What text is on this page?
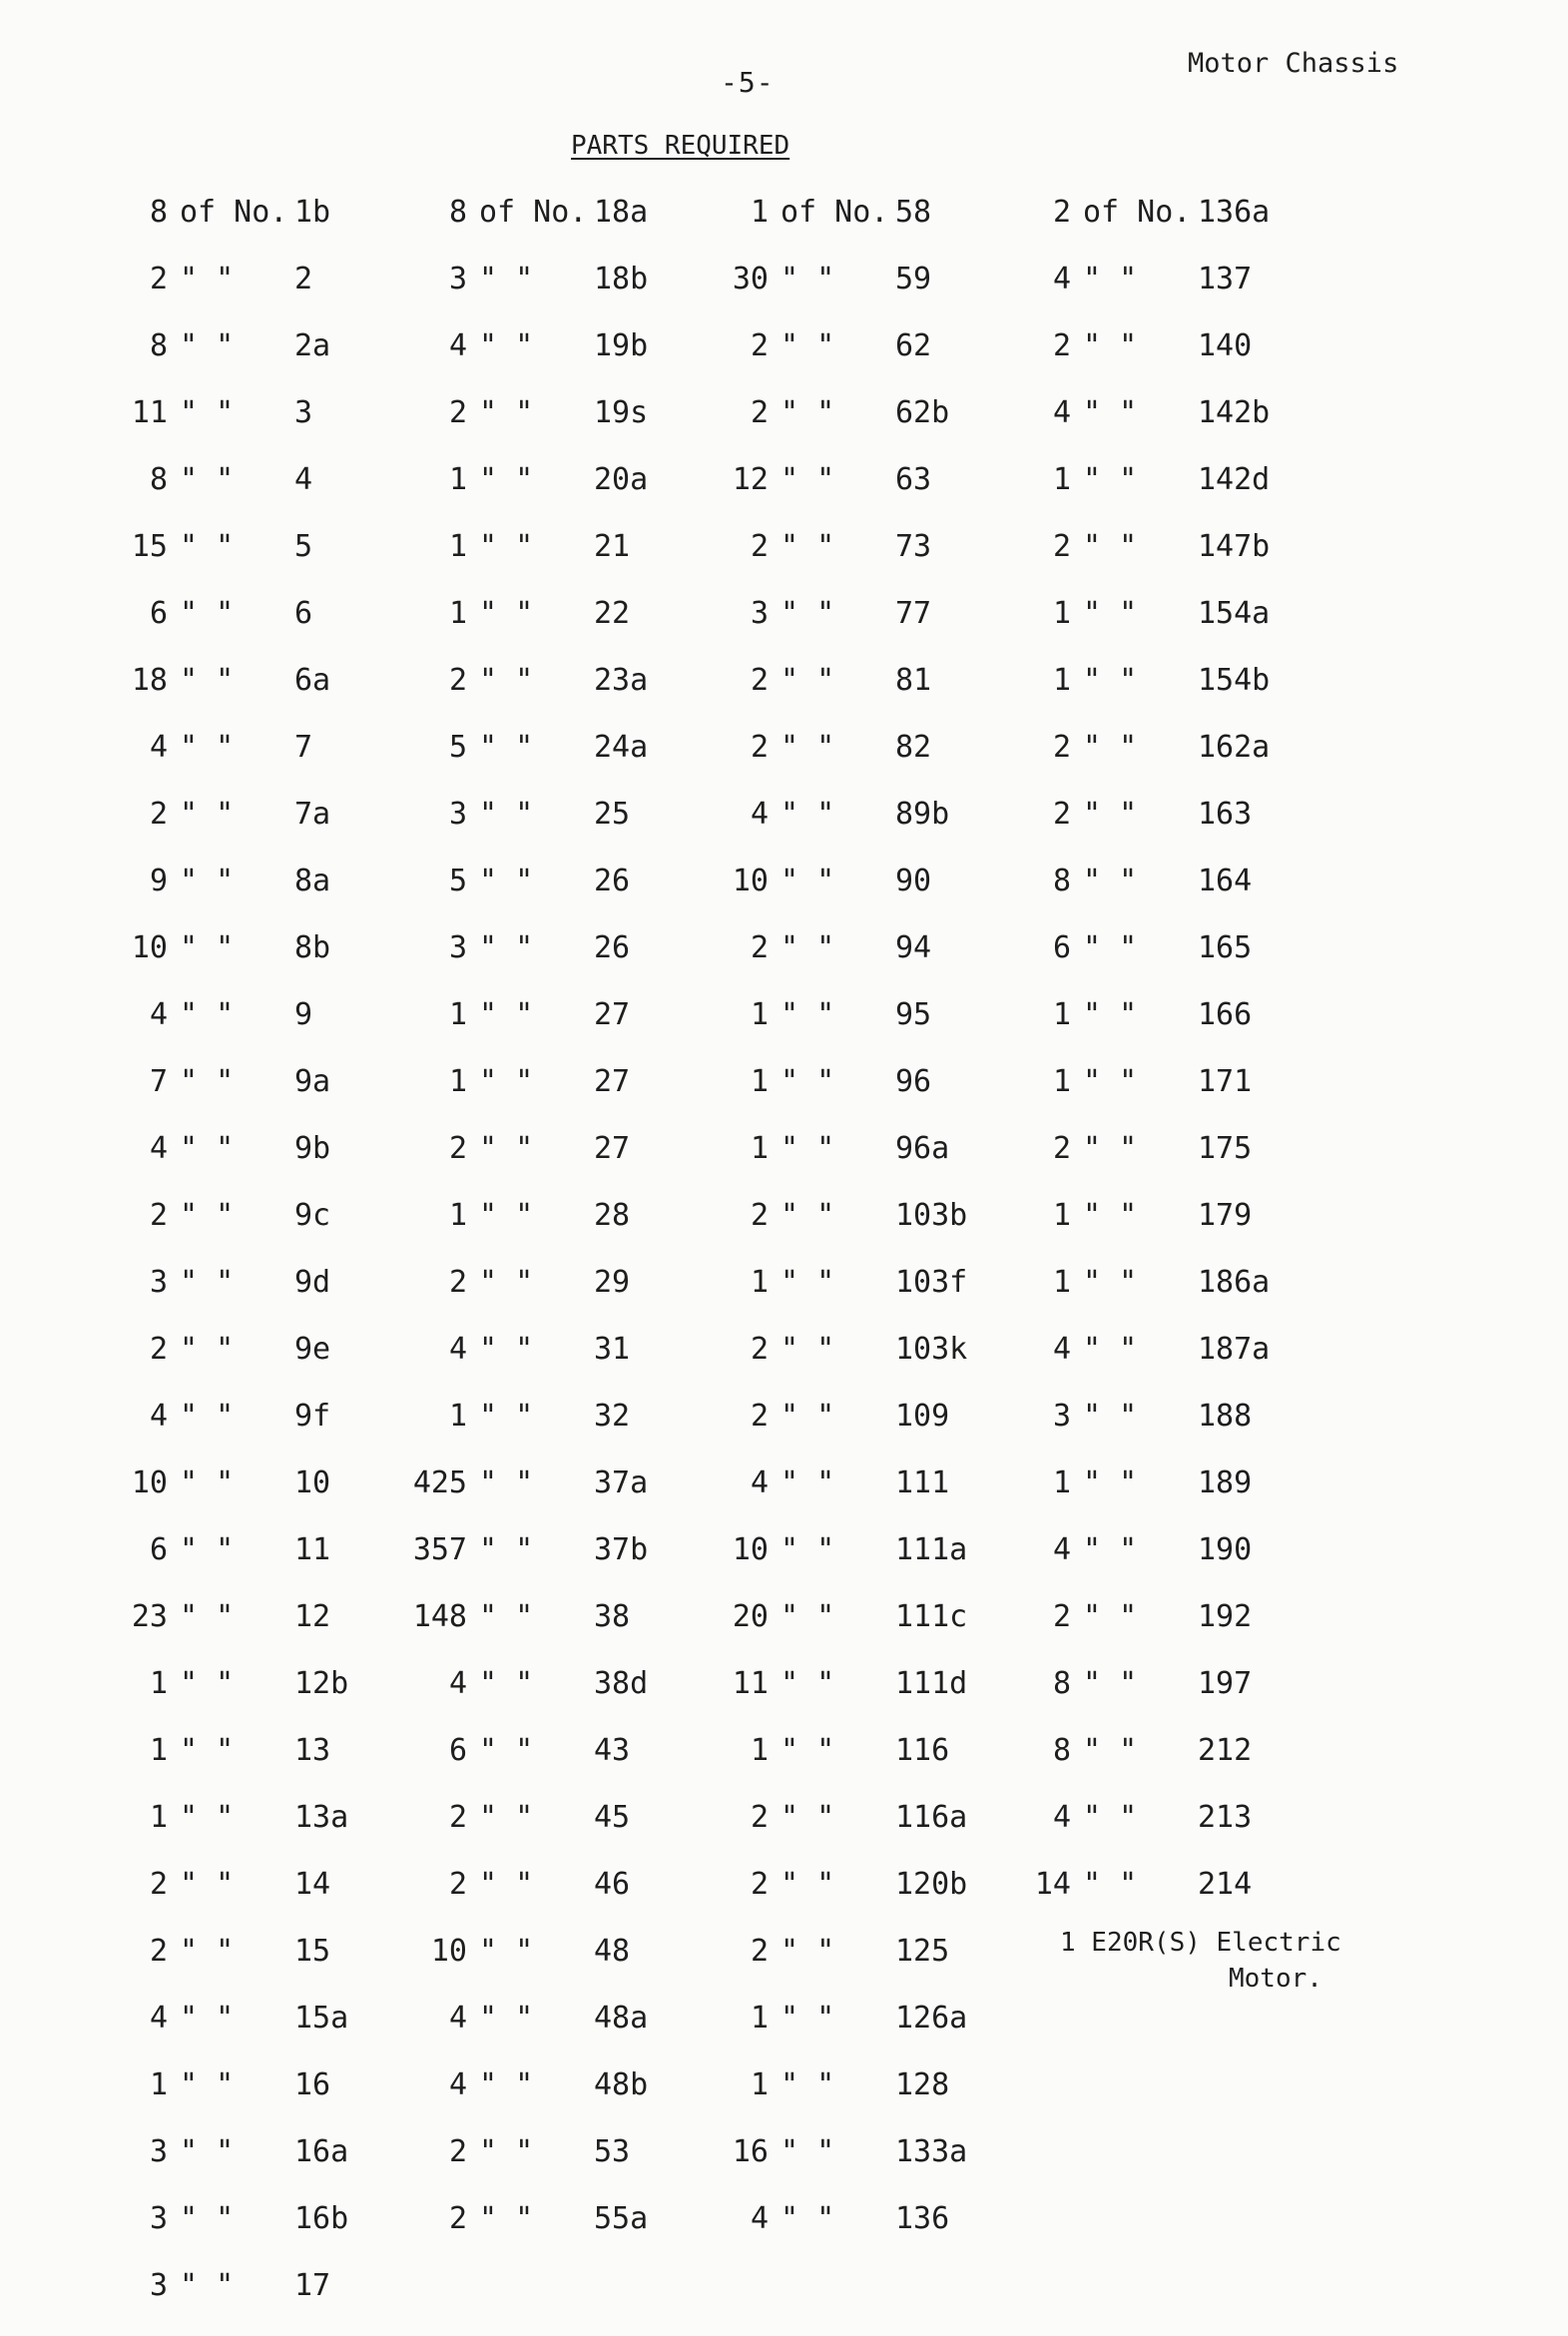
-5-
Motor Chassis
PARTS REQUIRED
8 of No. 1b
2 " "	2
8 " "	2a
11 " "	3
8 " "	4
15 " "	5
6 " "	6
18 " "	6a
4 " "	7
2 " "	7a
9 " "	8a
10 " "	8b
4 " "	9
7 " "	9a
4 " "	9b
2 " "	9c
3 " "	9d
2 " "	9e
4 " "	9f
10 " "	10
6 " "	11
23 " "	12
1 " "	12b
1 " "	13
1 " "	13a
2 " "	14
2 " "	15
4 " "	15a
1 " "	16
3 " "	16a
3 " "	16b
3 " "	17
8 of No. 18a
3 " "	18b
4 " "	19b
2 " "	19s
1 " "	20a
1 " "	21
1 " "	22
2 " "	23a
5 " "	24a
3 " "	25
5 " "	26
3 " "	26
1 " "	27
1 " "	27
2 " "	27
1 " "	28
2 " "	29
4 " "	31
1 " "	32
425 " "	37a
357 " "	37b
148 " "	38
4 " "	38d
6 " "	43
2 " "	45
2 " "	46
10 " "	48
4 " "	48a
4 " "	48b
2 " "	53
2 " "	55a
1 of No. 58
30 " "	59
2 " "	62
2 " "	62b
12 " "	63
2 " "	73
3 " "	77
2 " "	81
2 " "	82
4 " "	89b
10 " "	90
2 " "	94
1 " "	95
1 " "	96
1 " "	96a
2 " "	103b
1 " "	103f
2 " "	103k
2 " "	109
4 " "	111
10 " "	111a
20 " "	111c
11 " "	111d
1 " "	116
2 " "	116a
2 " "	120b
2 " "	125
1 " "	126a
1 " "	128
16 " "	133a
4 " "	136
2 of No. 136a
4 " "	137
2 " "	140
4 " "	142b
1 " "	142d
2 " "	147b
1 " "	154a
1 " "	154b
2 " "	162a
2 " "	163
8 " "	164
6 " "	165
1 " "	166
1 " "	171
2 " "	175
1 " "	179
1 " "	186a
4 " "	187a
3 " "	188
1 " "	189
4 " "	190
2 " "	192
8 " "	197
8 " "	212
4 " "	213
14 " "	214
1 E20R(S) Electric
Motor.
